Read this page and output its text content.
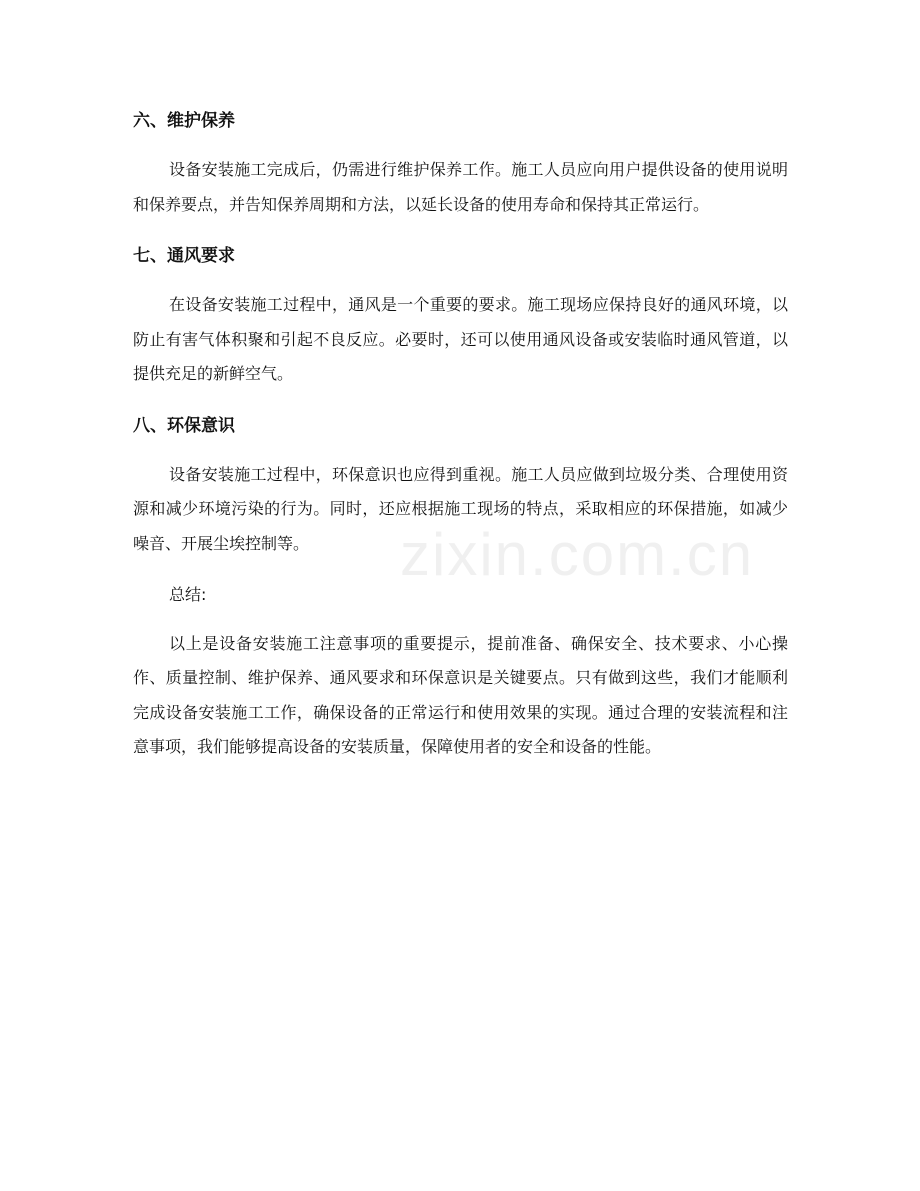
六、维护保养

设备安装施工完成后，仍需进行维护保养工作。施工人员应向用户提供设备的使用说明和保养要点，并告知保养周期和方法，以延长设备的使用寿命和保持其正常运行。

七、通风要求

在设备安装施工过程中，通风是一个重要的要求。施工现场应保持良好的通风环境，以防止有害气体积聚和引起不良反应。必要时，还可以使用通风设备或安装临时通风管道，以提供充足的新鲜空气。

八、环保意识

设备安装施工过程中，环保意识也应得到重视。施工人员应做到垃圾分类、合理使用资源和减少环境污染的行为。同时，还应根据施工现场的特点，采取相应的环保措施，如减少噪音、开展尘埃控制等。

总结:

以上是设备安装施工注意事项的重要提示，提前准备、确保安全、技术要求、小心操作、质量控制、维护保养、通风要求和环保意识是关键要点。只有做到这些，我们才能顺利完成设备安装施工工作，确保设备的正常运行和使用效果的实现。通过合理的安装流程和注意事项，我们能够提高设备的安装质量，保障使用者的安全和设备的性能。

zixin.com.cn
